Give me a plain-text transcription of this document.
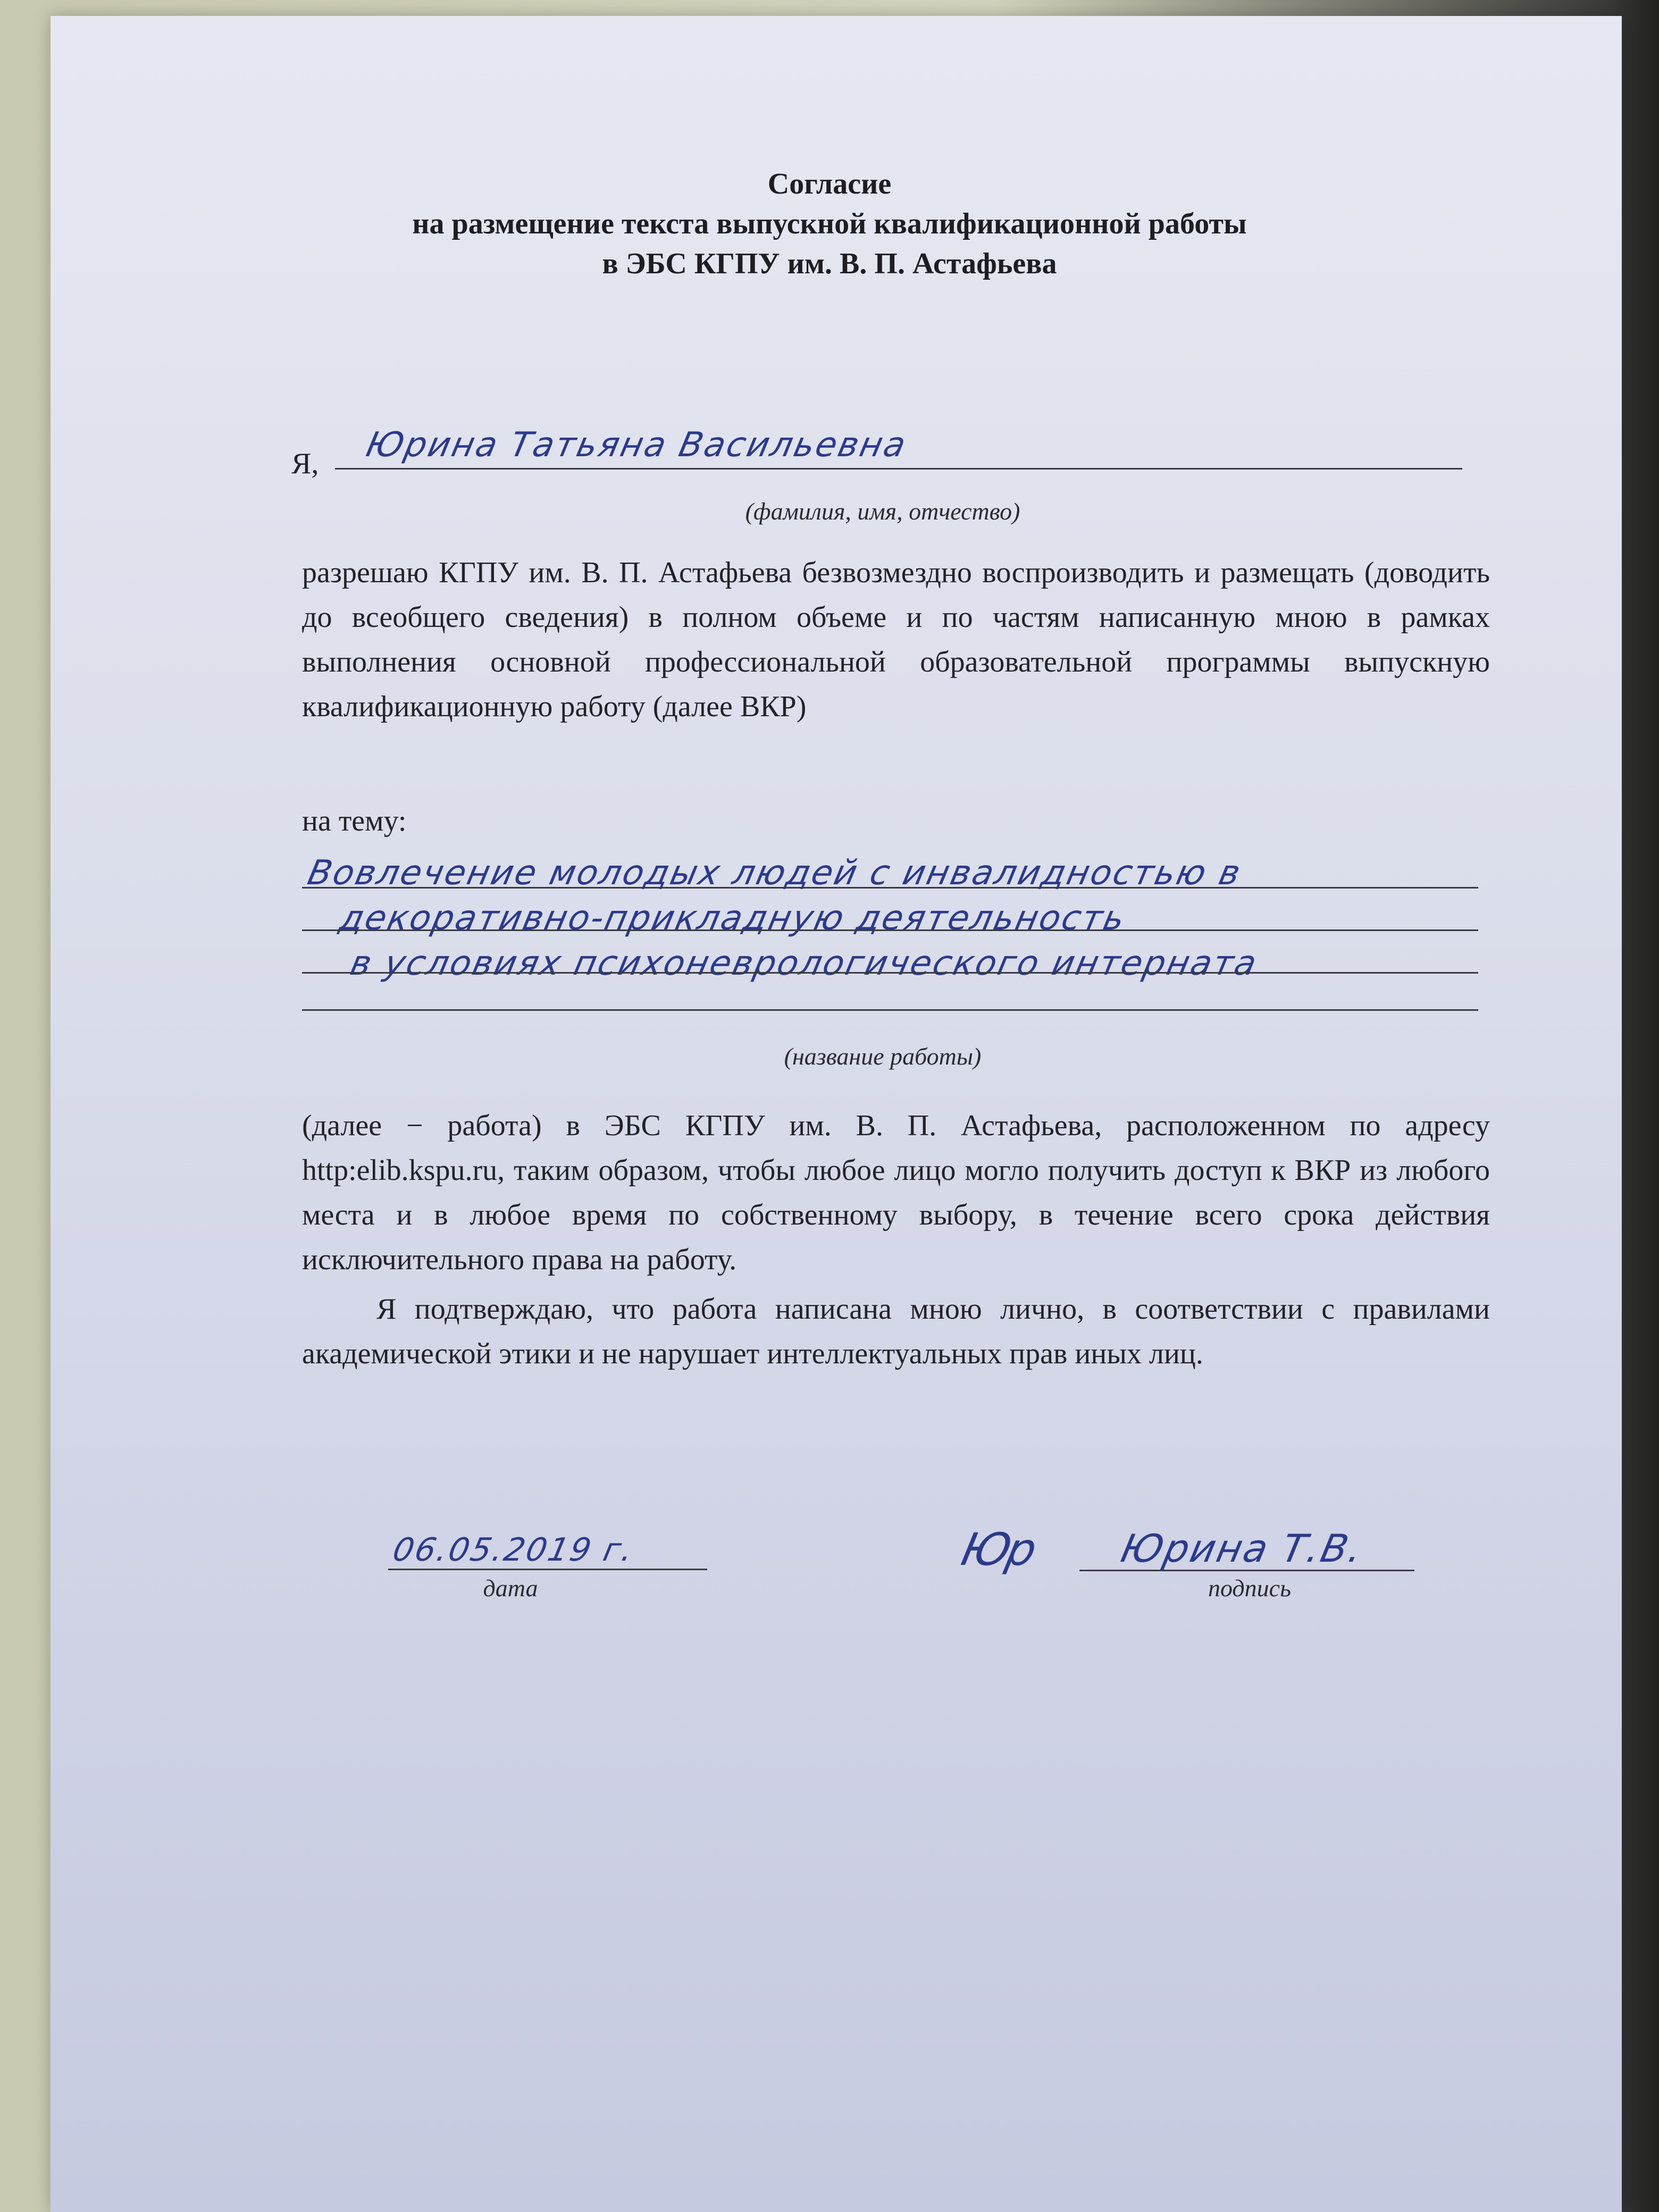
Согласие

на размещение текста выпускной квалификационной работы

в ЭБС КГПУ им. В. П. Астафьева

Я, Юрина Татьяна Васильевна

(фамилия, имя, отчество)

разрешаю КГПУ им. В. П. Астафьева безвозмездно воспроизводить и размещать (доводить до всеобщего сведения) в полном объеме и по частям написанную мною в рамках выполнения основной профессиональной образовательной программы выпускную квалификационную работу (далее ВКР)

на тему:

Вовлечение молодых людей с инвалидностью в
декоративно-прикладную деятельность
в условиях психоневрологического интерната

(название работы)

(далее − работа) в ЭБС КГПУ им. В. П. Астафьева, расположенном по адресу http:elib.kspu.ru, таким образом, чтобы любое лицо могло получить доступ к ВКР из любого места и в любое время по собственному выбору, в течение всего срока действия исключительного права на работу.

Я подтверждаю, что работа написана мною лично, в соответствии с правилами академической этики и не нарушает интеллектуальных прав иных лиц.

06.05.2019 г.

дата

Юр Юрина Т.В.

подпись
